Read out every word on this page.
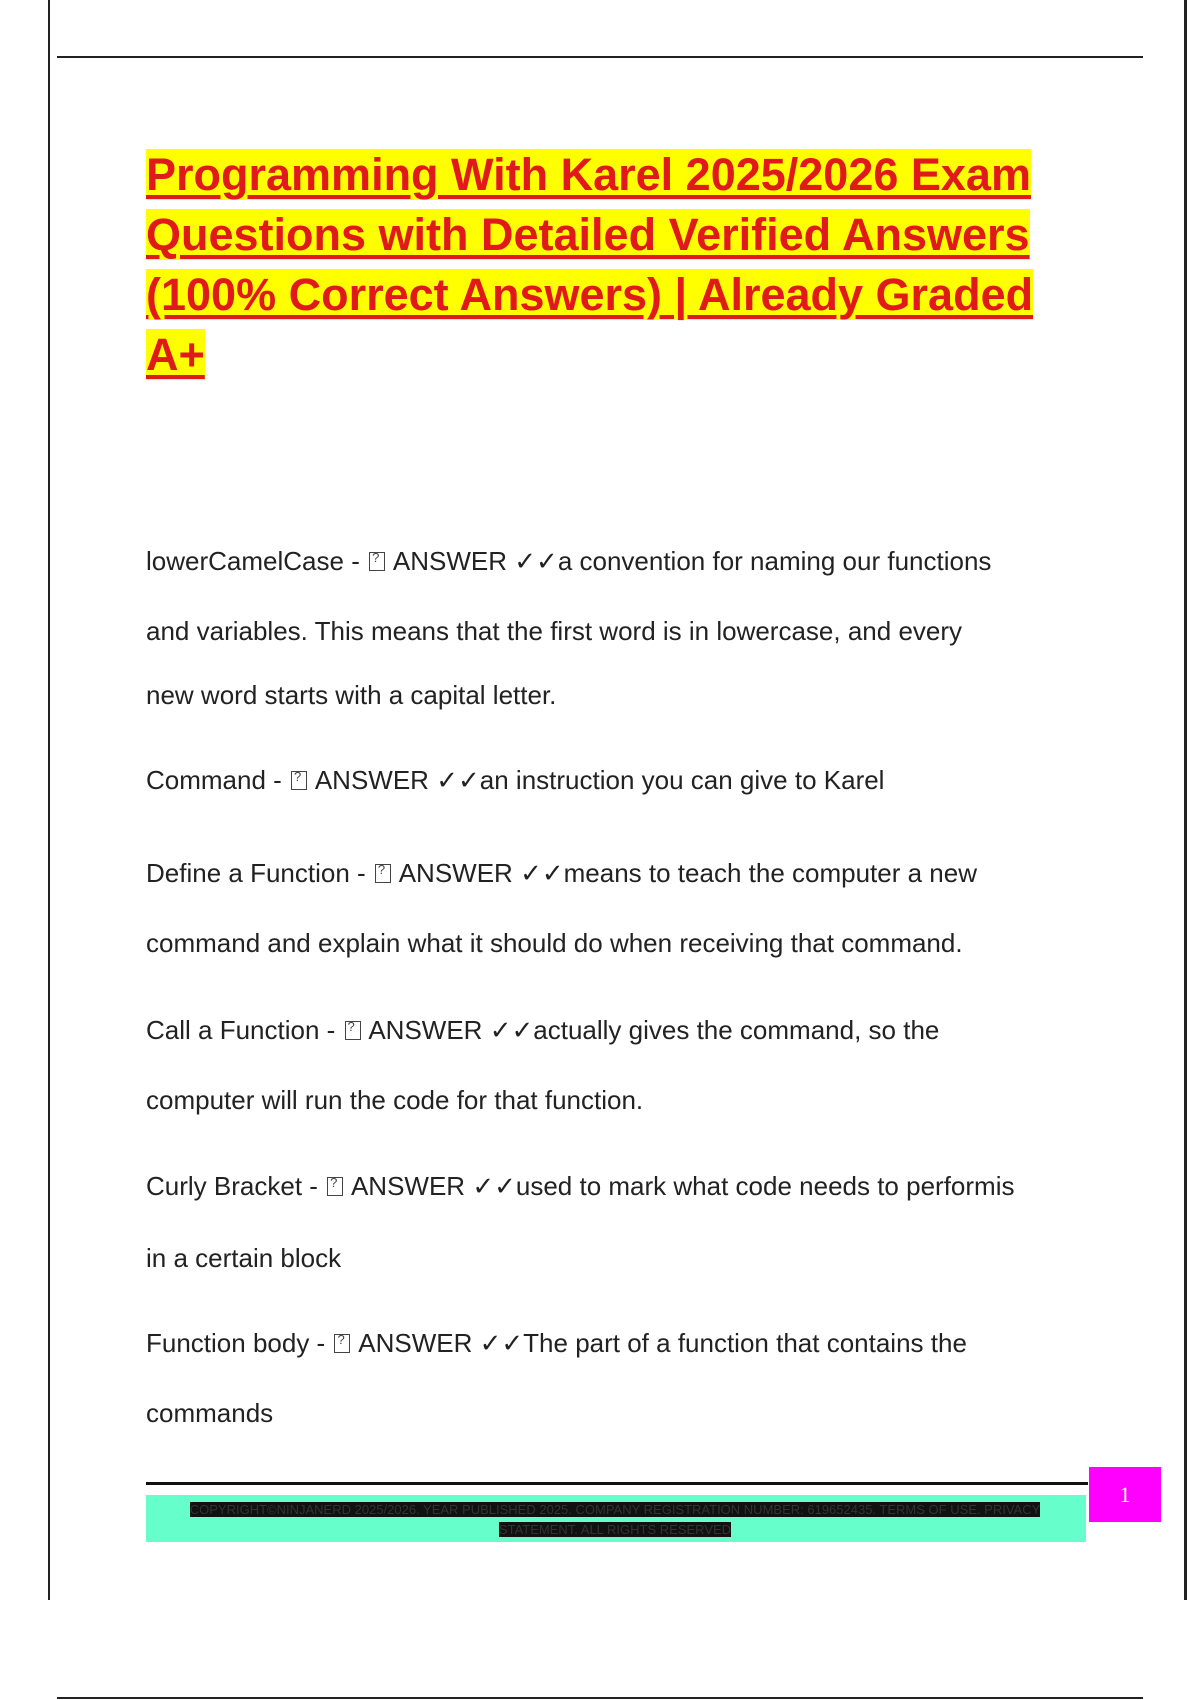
Programming With Karel 2025/2026 Exam Questions with Detailed Verified Answers (100% Correct Answers) | Already Graded A+
lowerCamelCase - ? ANSWER ✓✓a convention for naming our functions
and variables. This means that the first word is in lowercase, and every
new word starts with a capital letter.
Command - ? ANSWER ✓✓an instruction you can give to Karel
Define a Function - ? ANSWER ✓✓means to teach the computer a new
command and explain what it should do when receiving that command.
Call a Function - ? ANSWER ✓✓actually gives the command, so the
computer will run the code for that function.
Curly Bracket - ? ANSWER ✓✓used to mark what code needs to performis
in a certain block
Function body - ? ANSWER ✓✓The part of a function that contains the
commands
COPYRIGHT©NINJANERD 2025/2026. YEAR PUBLISHED 2025. COMPANY REGISTRATION NUMBER: 619652435. TERMS OF USE. PRIVACY STATEMENT. ALL RIGHTS RESERVED
1
